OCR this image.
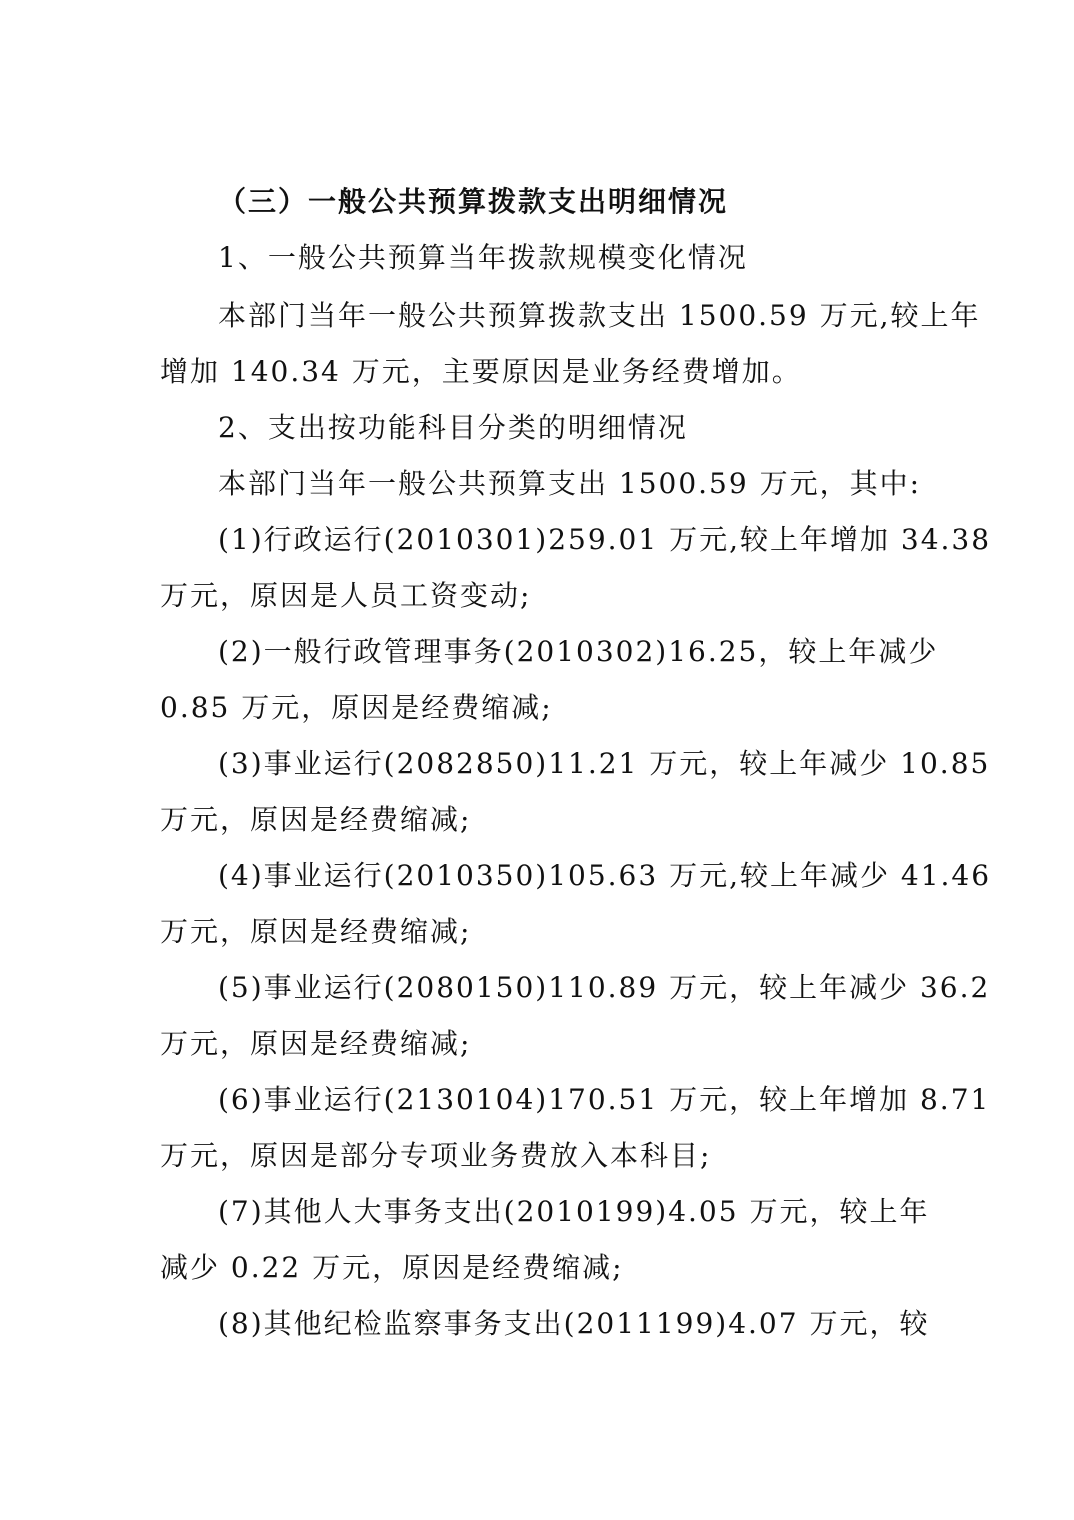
（三）一般公共预算拨款支出明细情况
1、一般公共预算当年拨款规模变化情况
本部门当年一般公共预算拨款支出 1500.59 万元,较上年
增加 140.34 万元，主要原因是业务经费增加。
2、支出按功能科目分类的明细情况
本部门当年一般公共预算支出 1500.59 万元，其中:
(1)行政运行(2010301)259.01 万元,较上年增加 34.38
万元，原因是人员工资变动;
(2)一般行政管理事务(2010302)16.25，较上年减少
0.85 万元，原因是经费缩减;
(3)事业运行(2082850)11.21 万元，较上年减少 10.85
万元，原因是经费缩减;
(4)事业运行(2010350)105.63 万元,较上年减少 41.46
万元，原因是经费缩减;
(5)事业运行(2080150)110.89 万元，较上年减少 36.2
万元，原因是经费缩减;
(6)事业运行(2130104)170.51 万元，较上年增加 8.71
万元，原因是部分专项业务费放入本科目;
(7)其他人大事务支出(2010199)4.05 万元，较上年
减少 0.22 万元，原因是经费缩减;
(8)其他纪检监察事务支出(2011199)4.07 万元，较
